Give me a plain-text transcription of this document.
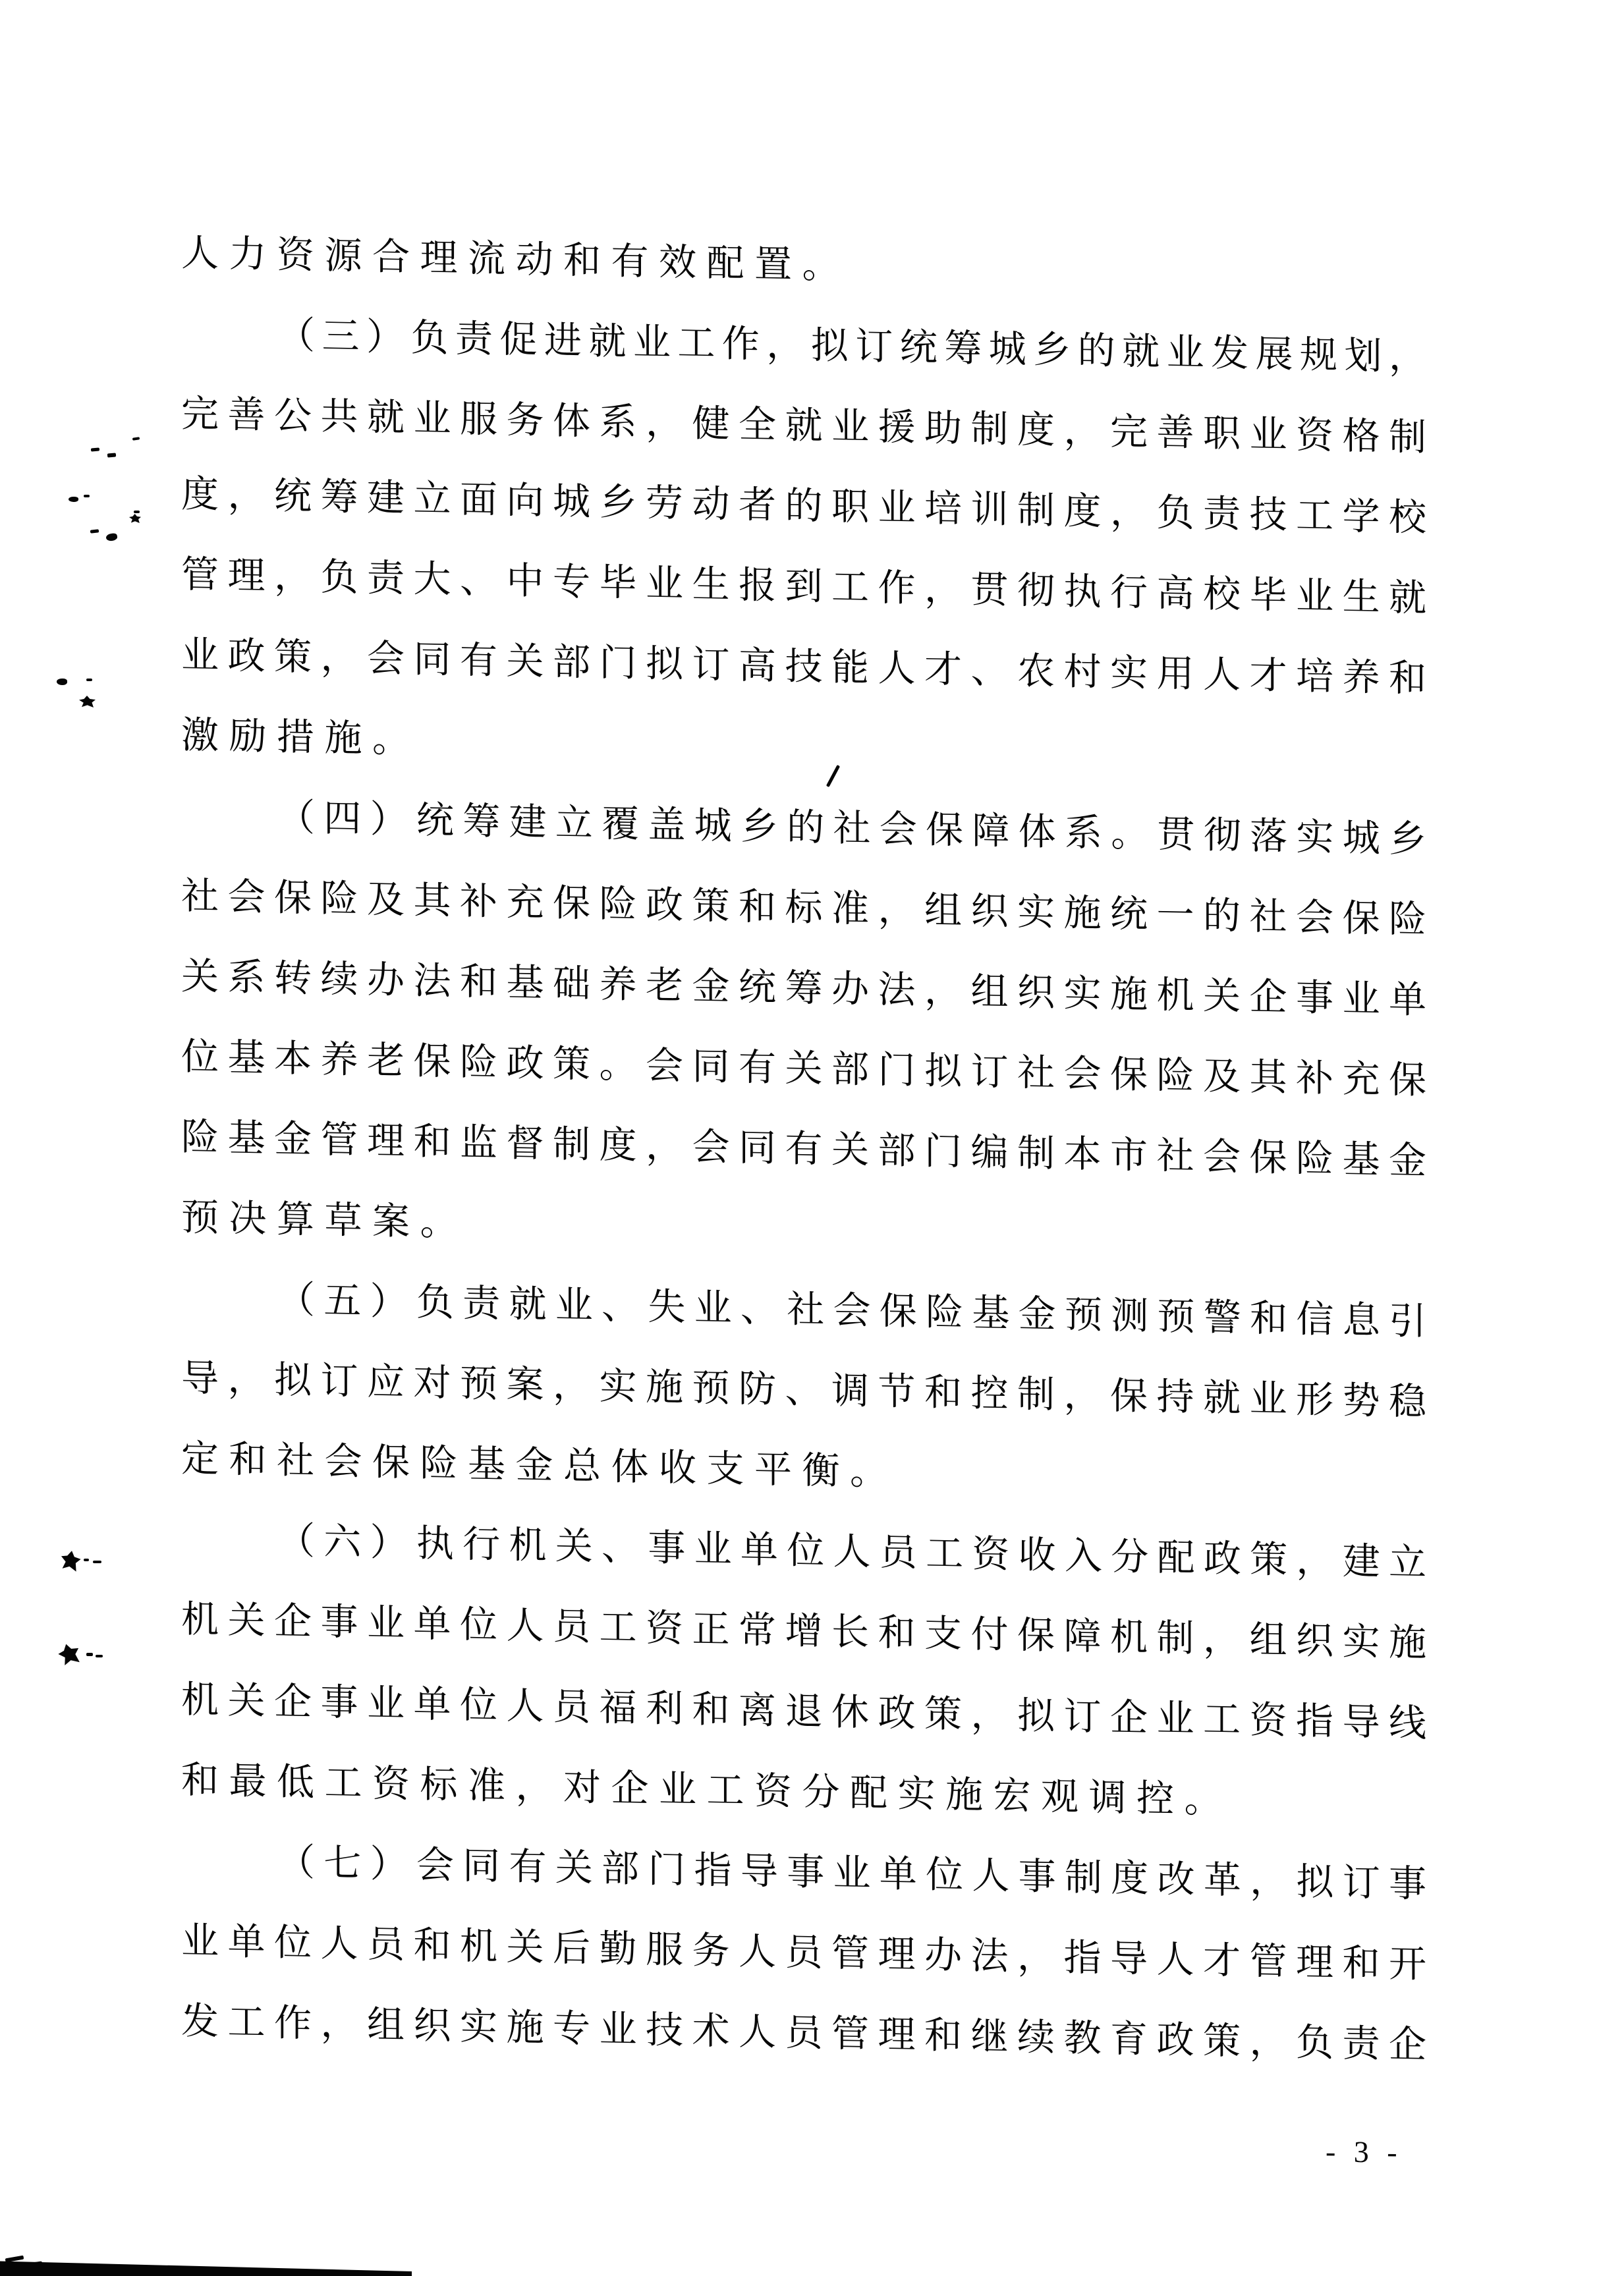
人力资源合理流动和有效配置。
（三）负责促进就业工作，拟订统筹城乡的就业发展规划，
完善公共就业服务体系，健全就业援助制度，完善职业资格制
度，统筹建立面向城乡劳动者的职业培训制度，负责技工学校
管理，负责大、中专毕业生报到工作，贯彻执行高校毕业生就
业政策，会同有关部门拟订高技能人才、农村实用人才培养和
激励措施。
（四）统筹建立覆盖城乡的社会保障体系。贯彻落实城乡
社会保险及其补充保险政策和标准，组织实施统一的社会保险
关系转续办法和基础养老金统筹办法，组织实施机关企事业单
位基本养老保险政策。会同有关部门拟订社会保险及其补充保
险基金管理和监督制度，会同有关部门编制本市社会保险基金
预决算草案。
（五）负责就业、失业、社会保险基金预测预警和信息引
导，拟订应对预案，实施预防、调节和控制，保持就业形势稳
定和社会保险基金总体收支平衡。
（六）执行机关、事业单位人员工资收入分配政策，建立
机关企事业单位人员工资正常增长和支付保障机制，组织实施
机关企事业单位人员福利和离退休政策，拟订企业工资指导线
和最低工资标准，对企业工资分配实施宏观调控。
（七）会同有关部门指导事业单位人事制度改革，拟订事
业单位人员和机关后勤服务人员管理办法，指导人才管理和开
发工作，组织实施专业技术人员管理和继续教育政策，负责企
- 3 -
